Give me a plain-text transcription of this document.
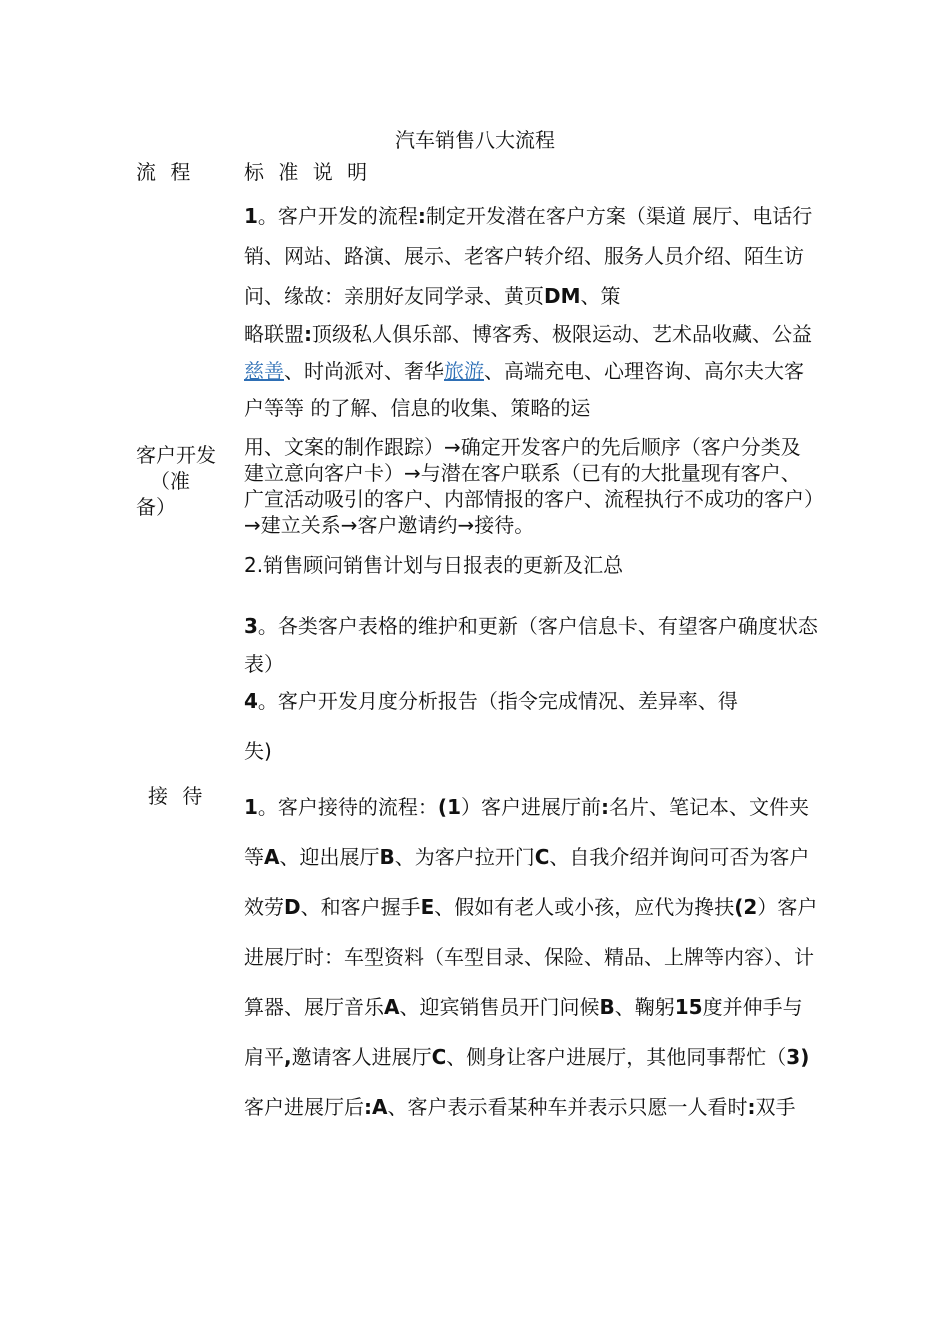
汽车销售八大流程
流 程 标 准 说 明
客户开发
（准
备）

1。客户开发的流程:制定开发潜在客户方案（渠道 展厅、电话行销、网站、路演、展示、老客户转介绍、服务人员介绍、陌生访问、缘故：亲朋好友同学录、黄页DM、策

略联盟:顶级私人俱乐部、博客秀、极限运动、艺术品收藏、公益慈善、时尚派对、奢华旅游、高端充电、心理咨询、高尔夫大客户等等 的了解、信息的收集、策略的运

用、文案的制作跟踪）→确定开发客户的先后顺序（客户分类及建立意向客户卡）→与潜在客户联系（已有的大批量现有客户、广宣活动吸引的客户、内部情报的客户、流程执行不成功的客户）→建立关系→客户邀请约→接待。

2.销售顾问销售计划与日报表的更新及汇总

3。各类客户表格的维护和更新（客户信息卡、有望客户确度状态表）

4。客户开发月度分析报告（指令完成情况、差异率、得

失)

接 待 1。客户接待的流程：(1）客户进展厅前:名片、笔记本、文件夹等A、迎出展厅B、为客户拉开门C、自我介绍并询问可否为客户效劳D、和客户握手E、假如有老人或小孩，应代为搀扶(2）客户进展厅时：车型资料（车型目录、保险、精品、上牌等内容）、计算器、展厅音乐A、迎宾销售员开门问候B、鞠躬15度并伸手与肩平,邀请客人进展厅C、侧身让客户进展厅，其他同事帮忙（3)客户进展厅后:A、客户表示看某种车并表示只愿一人看时:双手
